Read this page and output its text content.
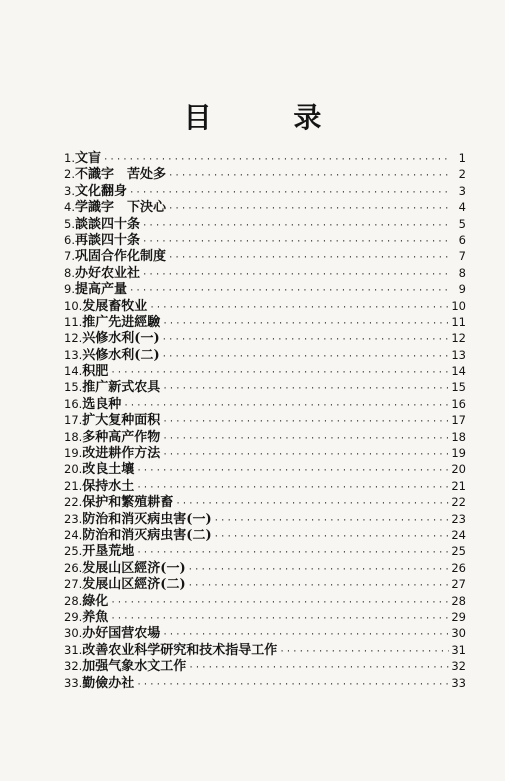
目 录
1. 文盲 ·····	1
2. 不識字　苦处多 ·····	2
3. 文化翻身 ·····	3
4. 学識字　下決心 ·····	4
5. 談談四十条 ·····	5
6. 再談四十条 ·····	6
7. 巩固合作化制度 ·····	7
8. 办好农业社 ·····	8
9. 提高产量 ·····	9
10. 发展畜牧业 ·····	10
11. 推广先进經驗 ·····	11
12. 兴修水利(一) ·····	12
13. 兴修水利(二) ·····	13
14. 积肥 ·····	14
15. 推广新式农具 ·····	15
16. 选良种 ·····	16
17. 扩大复种面积 ·····	17
18. 多种高产作物 ·····	18
19. 改进耕作方法 ·····	19
20. 改良土壤 ·····	20
21. 保持水土 ·····	21
22. 保护和繁殖耕畜 ·····	22
23. 防治和消灭病虫害(一) ·····	23
24. 防治和消灭病虫害(二) ·····	24
25. 开垦荒地 ·····	25
26. 发展山区經济(一) ·····	26
27. 发展山区經济(二) ·····	27
28. 綠化 ·····	28
29. 养魚 ·····	29
30. 办好国营农場 ·····	30
31. 改善农业科学研究和技术指导工作 ·····	31
32. 加强气象水文工作 ·····	32
33. 勤儉办社 ·····	33
